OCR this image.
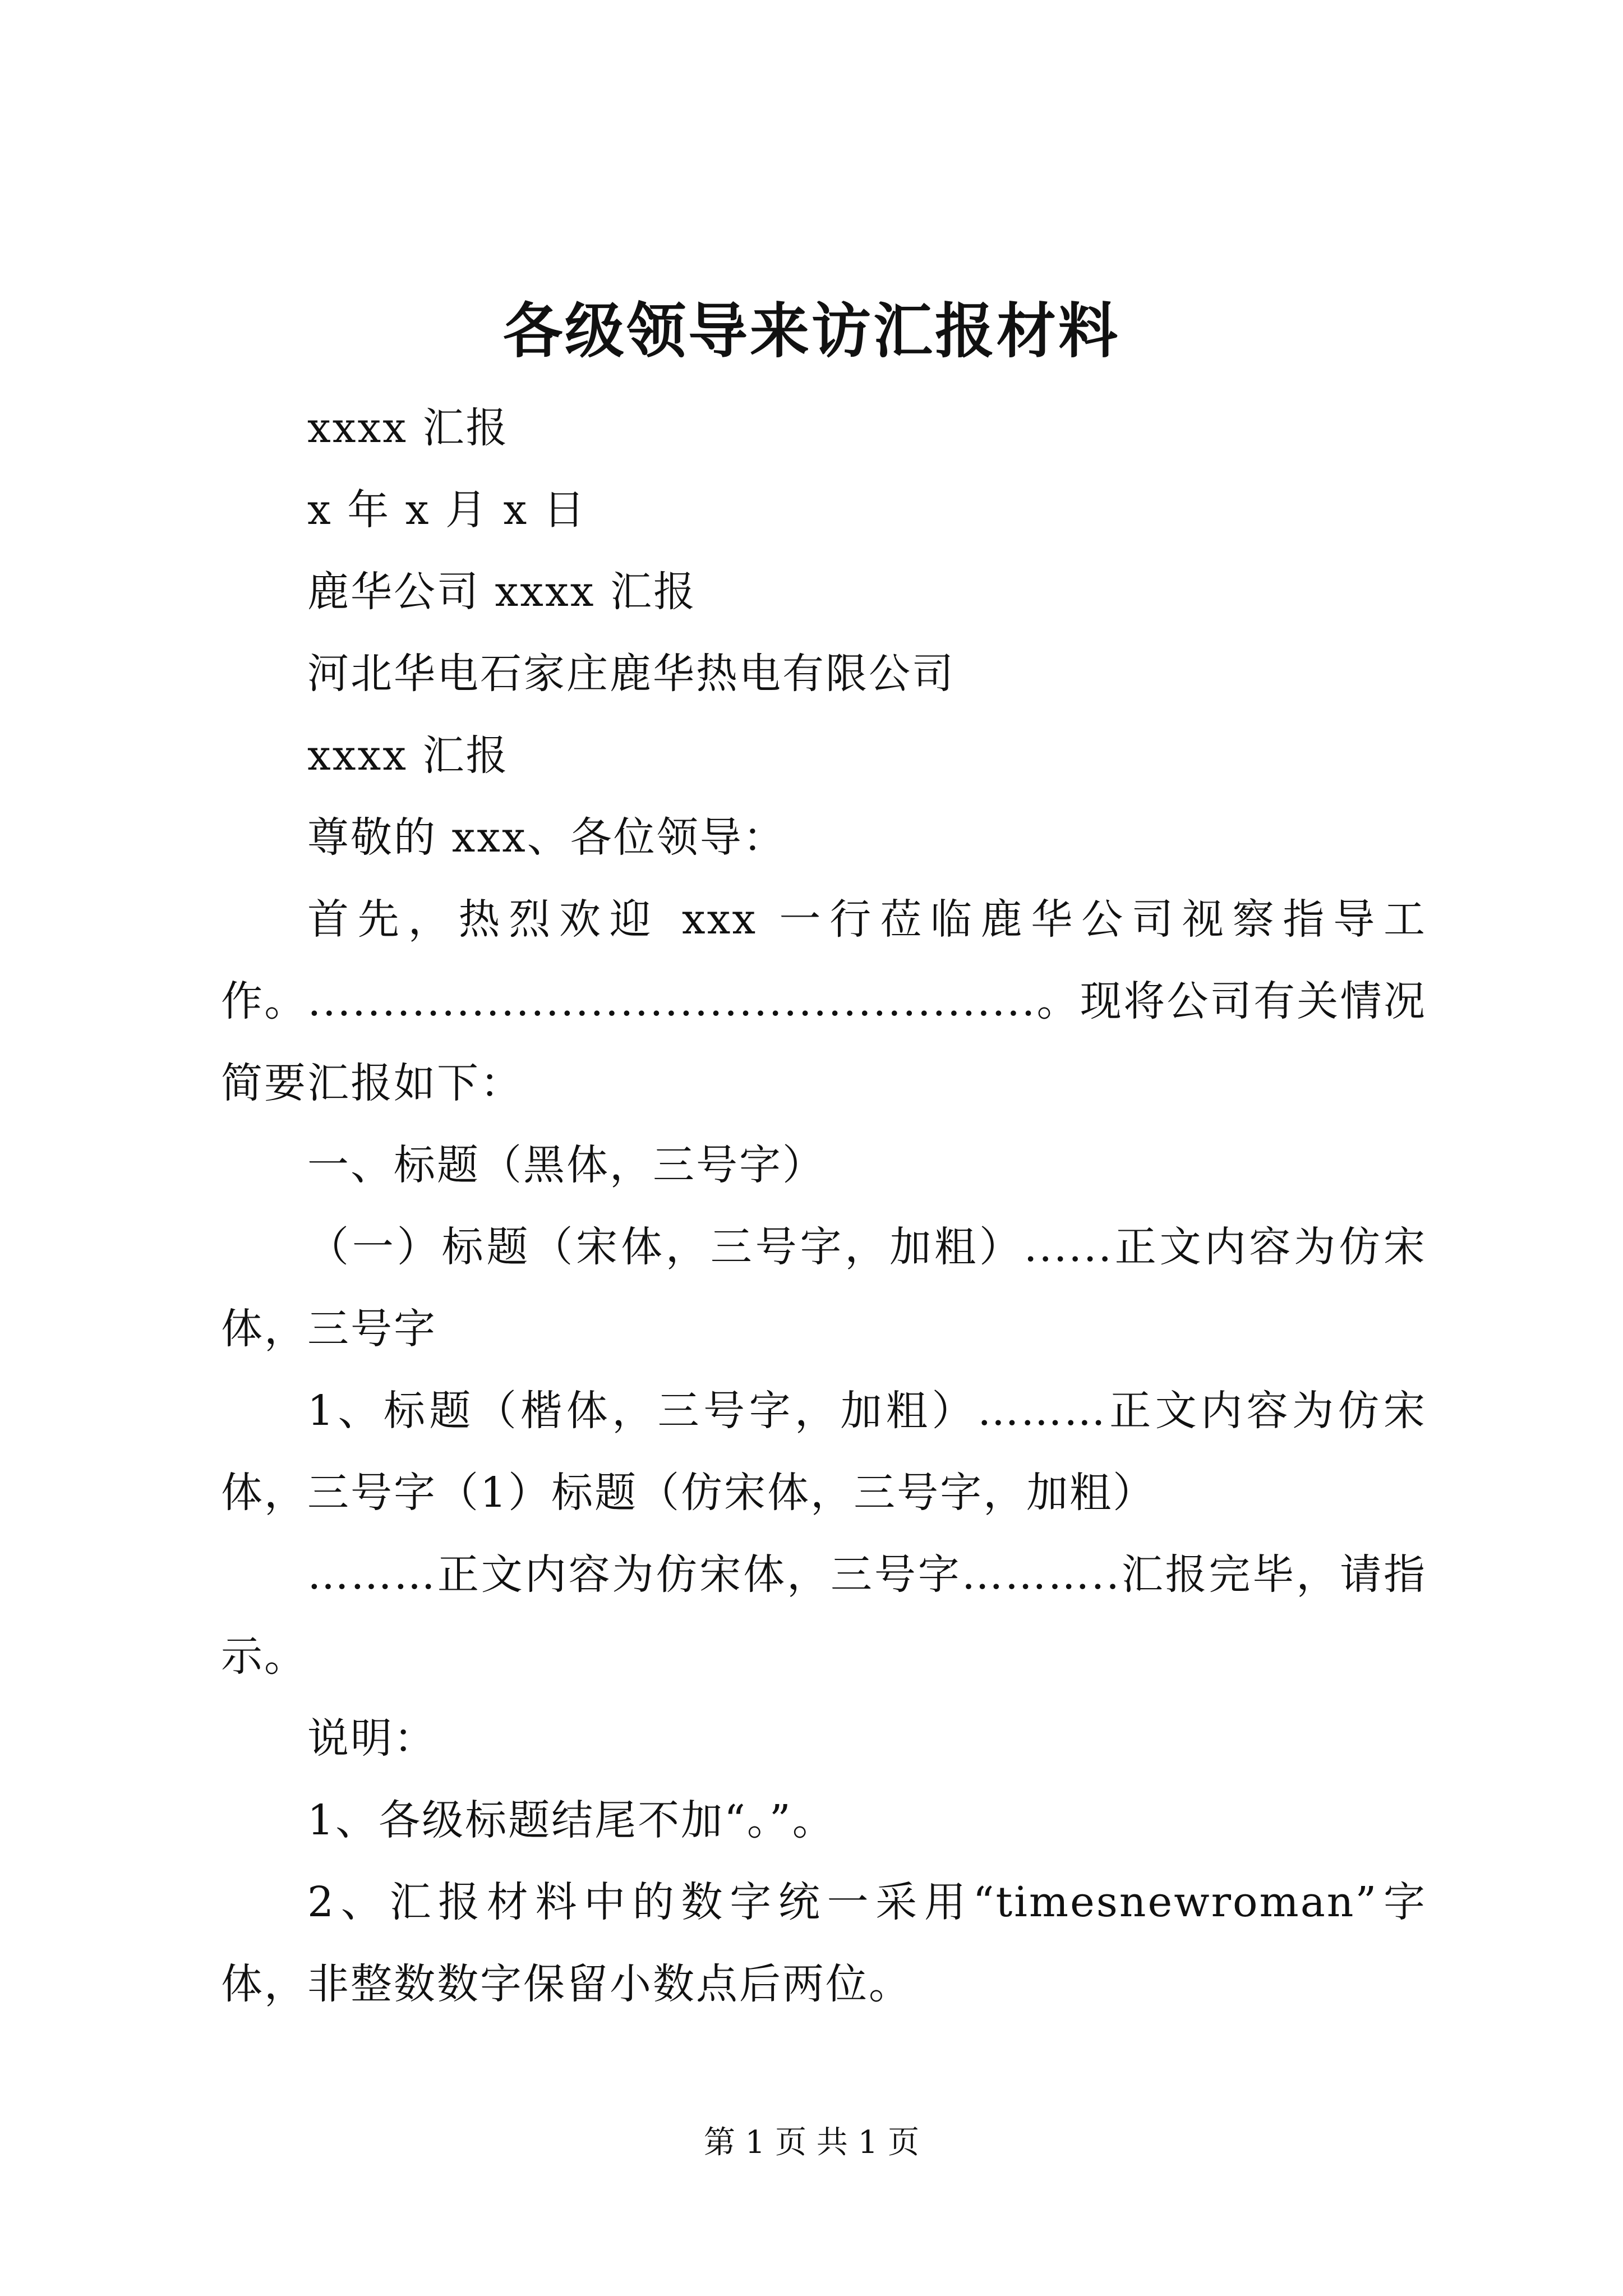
各级领导来访汇报材料

xxxx 汇报

x 年 x 月 x 日

鹿华公司 xxxx 汇报

河北华电石家庄鹿华热电有限公司

xxxx 汇报

尊敬的 xxx、各位领导：

首先，热烈欢迎 xxx 一行莅临鹿华公司视察指导工作。.................................................。现将公司有关情况简要汇报如下：

一、标题（黑体，三号字）

（一）标题（宋体，三号字，加粗）......正文内容为仿宋体，三号字

1、标题（楷体，三号字，加粗）………正文内容为仿宋体，三号字（1）标题（仿宋体，三号字，加粗）

………正文内容为仿宋体，三号字………..汇报完毕，请指示。

说明：

1、各级标题结尾不加“。”。

2、汇报材料中的数字统一采用“timesnewroman”字体，非整数数字保留小数点后两位。

第 1 页 共 1 页
